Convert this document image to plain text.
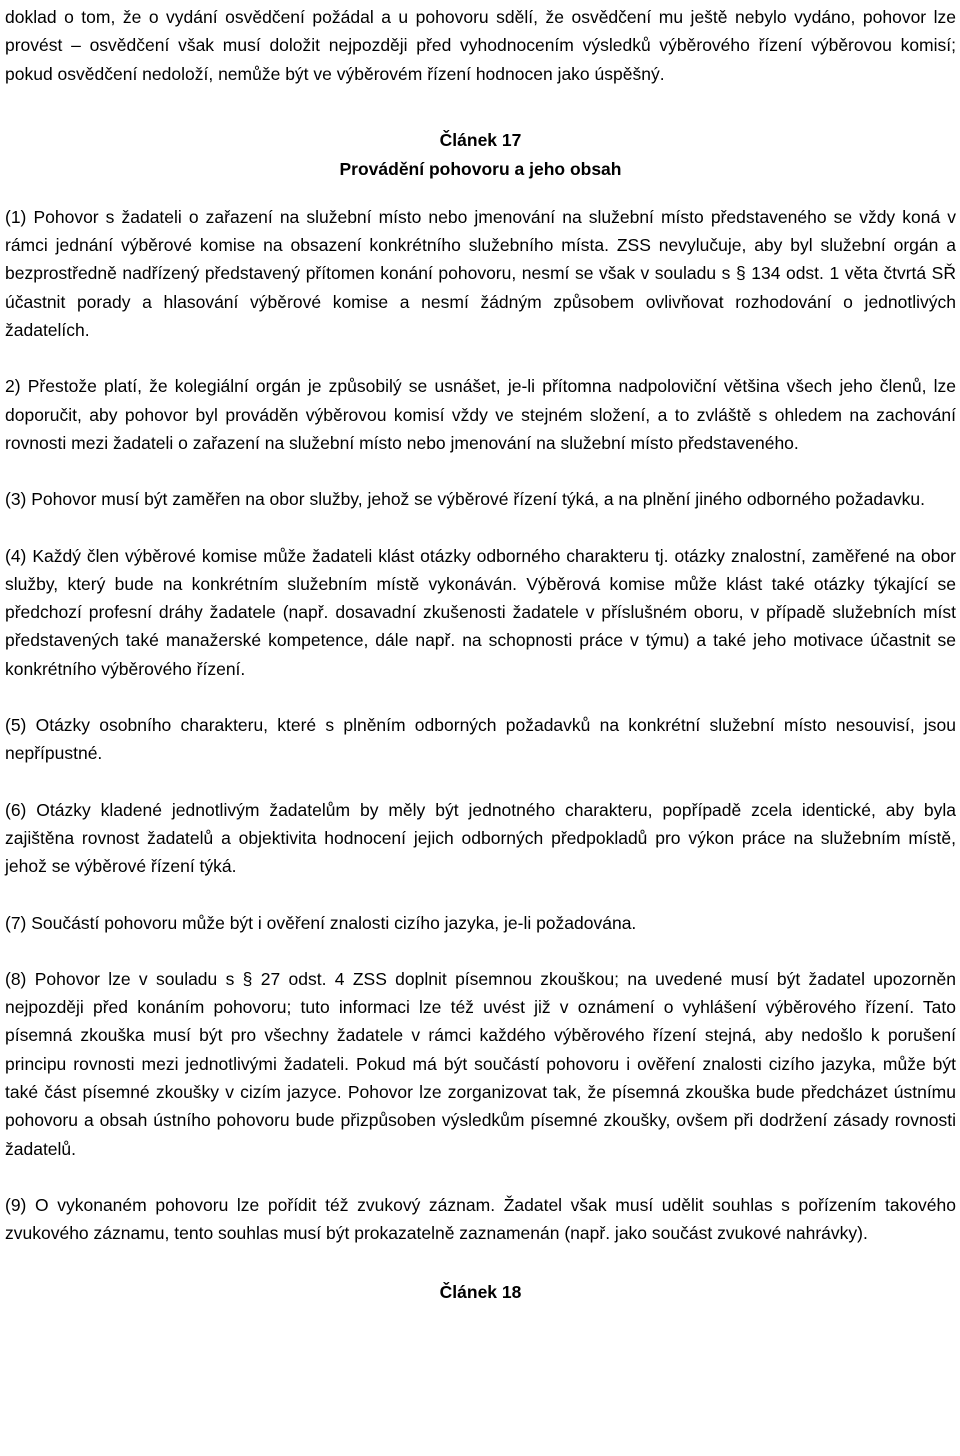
doklad o tom, že o vydání osvědčení požádal a u pohovoru sdělí, že osvědčení mu ještě nebylo vydáno, pohovor lze provést – osvědčení však musí doložit nejpozději před vyhodnocením výsledků výběrového řízení výběrovou komisí; pokud osvědčení nedoloží, nemůže být ve výběrovém řízení hodnocen jako úspěšný.

Článek 17
Provádění pohovoru a jeho obsah

(1) Pohovor s žadateli o zařazení na služební místo nebo jmenování na služební místo představeného se vždy koná v rámci jednání výběrové komise na obsazení konkrétního služebního místa. ZSS nevylučuje, aby byl služební orgán a bezprostředně nadřízený představený přítomen konání pohovoru, nesmí se však v souladu s § 134 odst. 1 věta čtvrtá SŘ účastnit porady a hlasování výběrové komise a nesmí žádným způsobem ovlivňovat rozhodování o jednotlivých žadatelích.

2) Přestože platí, že kolegiální orgán je způsobilý se usnášet, je-li přítomna nadpoloviční většina všech jeho členů, lze doporučit, aby pohovor byl prováděn výběrovou komisí vždy ve stejném složení, a to zvláště s ohledem na zachování rovnosti mezi žadateli o zařazení na služební místo nebo jmenování na služební místo představeného.

(3) Pohovor musí být zaměřen na obor služby, jehož se výběrové řízení týká, a na plnění jiného odborného požadavku.

(4) Každý člen výběrové komise může žadateli klást otázky odborného charakteru tj. otázky znalostní, zaměřené na obor služby, který bude na konkrétním služebním místě vykonáván. Výběrová komise může klást také otázky týkající se předchozí profesní dráhy žadatele (např. dosavadní zkušenosti žadatele v příslušném oboru, v případě služebních míst představených také manažerské kompetence, dále např. na schopnosti práce v týmu) a také jeho motivace účastnit se konkrétního výběrového řízení.

(5) Otázky osobního charakteru, které s plněním odborných požadavků na konkrétní služební místo nesouvisí, jsou nepřípustné.

(6) Otázky kladené jednotlivým žadatelům by měly být jednotného charakteru, popřípadě zcela identické, aby byla zajištěna rovnost žadatelů a objektivita hodnocení jejich odborných předpokladů pro výkon práce na služebním místě, jehož se výběrové řízení týká.

(7) Součástí pohovoru může být i ověření znalosti cizího jazyka, je-li požadována.

(8) Pohovor lze v souladu s § 27 odst. 4 ZSS doplnit písemnou zkouškou; na uvedené musí být žadatel upozorněn nejpozději před konáním pohovoru; tuto informaci lze též uvést již v oznámení o vyhlášení výběrového řízení. Tato písemná zkouška musí být pro všechny žadatele v rámci každého výběrového řízení stejná, aby nedošlo k porušení principu rovnosti mezi jednotlivými žadateli. Pokud má být součástí pohovoru i ověření znalosti cizího jazyka, může být také část písemné zkoušky v cizím jazyce. Pohovor lze zorganizovat tak, že písemná zkouška bude předcházet ústnímu pohovoru a obsah ústního pohovoru bude přizpůsoben výsledkům písemné zkoušky, ovšem při dodržení zásady rovnosti žadatelů.

(9) O vykonaném pohovoru lze pořídit též zvukový záznam. Žadatel však musí udělit souhlas s pořízením takového zvukového záznamu, tento souhlas musí být prokazatelně zaznamenán (např. jako součást zvukové nahrávky).

Článek 18
